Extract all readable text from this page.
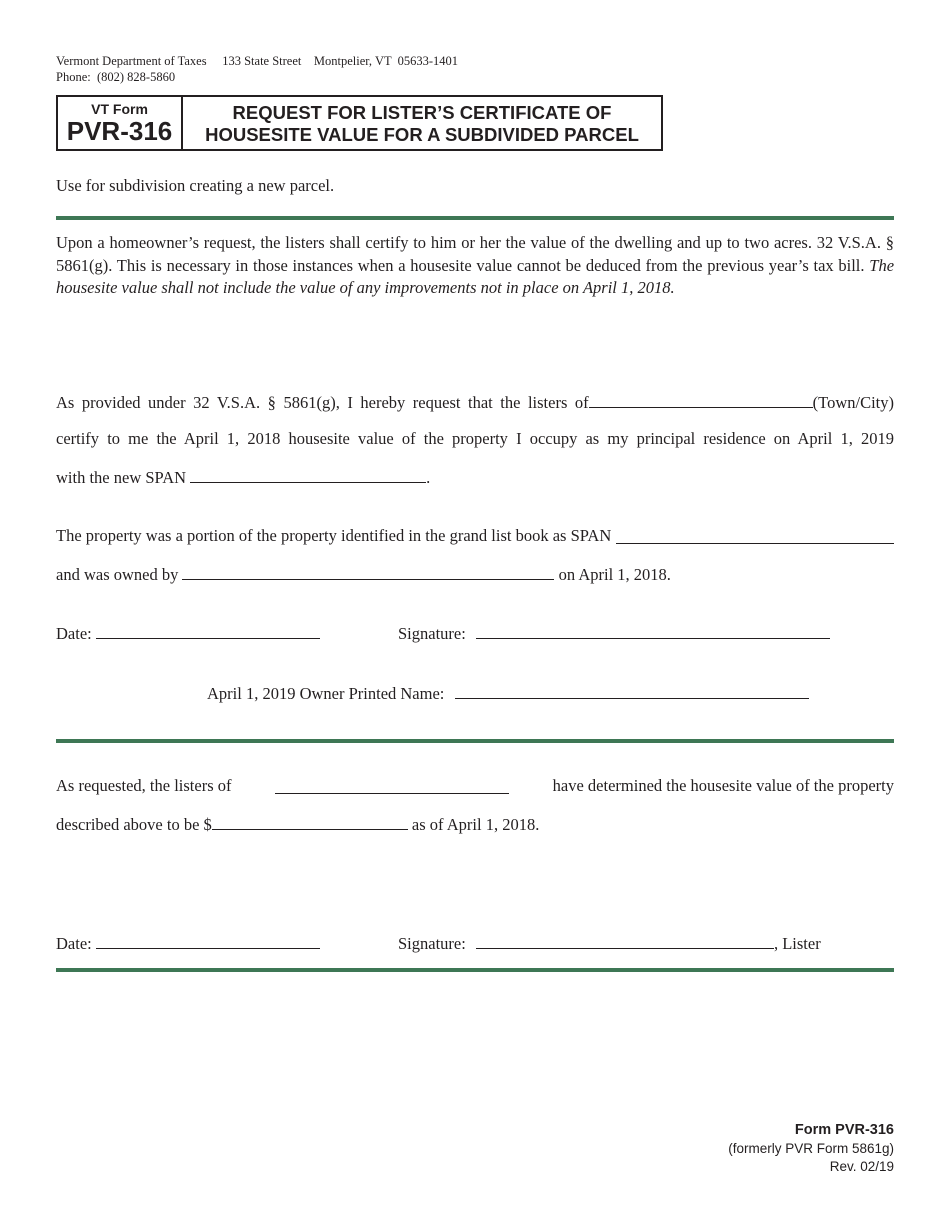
Vermont Department of Taxes 133 State Street Montpelier, VT  05633-1401
Phone:  (802) 828-5860
VT Form
PVR-316
REQUEST FOR LISTER’S CERTIFICATE OF
HOUSESITE VALUE FOR A SUBDIVIDED PARCEL
Use for subdivision creating a new parcel.
Upon a homeowner’s request, the listers shall certify to him or her the value of the dwelling and up to two acres. 32 V.S.A. § 5861(g). This is necessary in those instances when a housesite value cannot be deduced from the previous year’s tax bill. The housesite value shall not include the value of any improvements not in place on April 1, 2018.
As provided under 32 V.S.A. § 5861(g), I hereby request that the listers of	(Town/City)
certify to me the April 1, 2018 housesite value of the property I occupy as my principal residence on April 1, 2019
with the new SPAN	.
The property was a portion of the property identified in the grand list book as SPAN
and was owned by	on April 1, 2018.
Date:	Signature:
April 1, 2019 Owner Printed Name:
As requested, the listers of	have determined the housesite value of the property
described above to be $	as of April 1, 2018.
Date:	Signature:	, Lister
Form PVR-316
(formerly PVR Form 5861g)
Rev. 02/19
